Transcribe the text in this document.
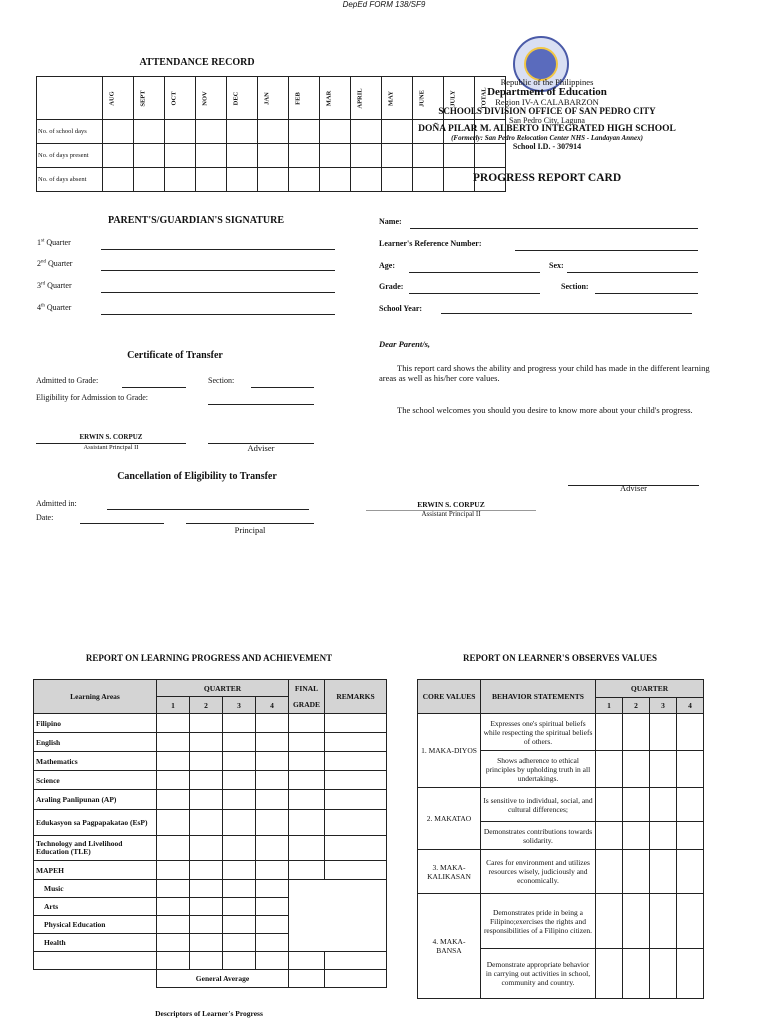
DepEd FORM 138/SF9
ATTENDANCE RECORD

	AUG	SEPT	OCT	NOV	DEC	JAN	FEB	MAR	APRIL	MAY	JUNE	JULY	TOTAL

No. of school days													
No. of days present													
No. of days absent													
Republic of the Philippines
Department of Education
Region IV-A CALABARZON
SCHOOLS DIVISION OFFICE OF SAN PEDRO CITY
San Pedro City, Laguna
DOÑA PILAR M. ALBERTO INTEGRATED HIGH SCHOOL
(Formerly: San Pedro Relocation Center NHS - Landayan Annex)
School I.D. - 307914
PROGRESS REPORT CARD
PARENT'S/GUARDIAN'S SIGNATURE
1st Quarter
2nd Quarter
3rd Quarter
4th Quarter
Name:
Learner's Reference Number:
Age:	Sex:
Grade:	Section:
School Year:
Dear Parent/s,
This report card shows the ability and progress your child has made in the different learning areas as well as his/her core values.
The school welcomes you should you desire to know more about your child's progress.
Adviser
ERWIN S. CORPUZ
Assistant Principal II
Certificate of Transfer
Admitted to Grade:	Section:
Eligibility for Admission to Grade:
ERWIN S. CORPUZ
Assistant Principal II	Adviser
Cancellation of Eligibility to Transfer
Admitted in:
Date:
Principal
REPORT ON LEARNING PROGRESS AND ACHIEVEMENT
Learning Areas	QUARTER				FINAL	REMARKS
	1	2	3	4	GRADE	
Filipino						
English						
Mathematics						
Science						
Araling Panlipunan (AP)						
Edukasyon sa Pagpapakatao (EsP)						
Technology and Livelihood Education (TLE)						
MAPEH						
Music						
Arts						
Physical Education						
Health						

	General Average					
Descriptors of Learner's Progress
REPORT ON LEARNER'S OBSERVES VALUES
CORE VALUES	BEHAVIOR STATEMENTS	QUARTER			
		1	2	3	4
1. MAKA-DIYOS	Expresses one's spiritual beliefs while respecting the spiritual beliefs of others.				
	Shows adherence to ethical principles by upholding truth in all undertakings.				
2. MAKATAO	Is sensitive to individual, social, and cultural differences;				
	Demonstrates contributions towards solidarity.				
3. MAKA-KALIKASAN	Cares for environment and utilizes resources wisely, judiciously and economically.				
4. MAKA-BANSA	Demonstrates pride in being a Filipino;exercises the rights and responsibilities of a Filipino citizen.				
	Demonstrate appropriate behavior in carrying out activities in school, community and country.				
